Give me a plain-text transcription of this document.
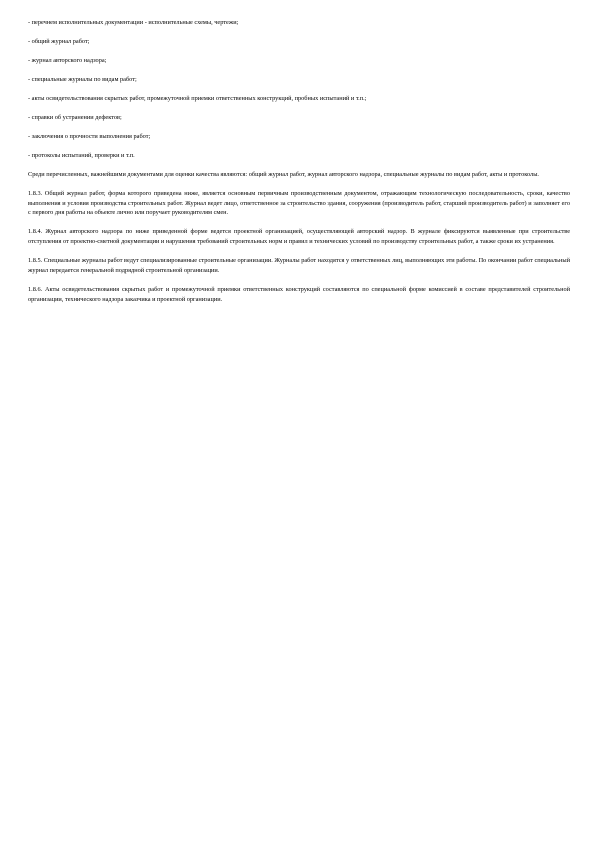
- перечнем исполнительных документации - исполнительные схемы, чертежи;
- общий журнал работ;
- журнал авторского надзора;
- специальные журналы по видам работ;
- акты освидетельствования скрытых работ, промежуточной приемки ответственных конструкций, пробных испытаний и т.п.;
- справки об устранении дефектов;
- заключения о прочности выполнения работ;
- протоколы испытаний, проверки и т.п.

Среди перечисленных, важнейшими документами для оценки качества являются: общий журнал работ, журнал авторского надзора, специальные журналы по видам работ, акты и протоколы.

1.8.3. Общий журнал работ, форма которого приведена ниже, является основным первичным производственным документом, отражающим технологическую последовательность, сроки, качество выполнения и условия производства строительных работ. Журнал ведет лицо, ответственное за строительство здания, сооружения (производитель работ, старший производитель работ) и заполняет его с первого дня работы на объекте лично или поручает руководителям смен.

1.8.4. Журнал авторского надзора по ниже приведенной форме ведется проектной организацией, осуществляющей авторский надзор. В журнале фиксируются выявленные при строительстве отступления от проектно-сметной документации и нарушения требований строительных норм и правил и технических условий по производству строительных работ, а также сроки их устранения.

1.8.5. Специальные журналы работ ведут специализированные строительные организации. Журналы работ находятся у ответственных лиц, выполняющих эти работы. По окончании работ специальный журнал передается генеральной подрядной строительной организации.

1.8.6. Акты освидетельствования скрытых работ и промежуточной приемки ответственных конструкций составляются по специальной форме комиссией в составе представителей строительной организации, технического надзора заказчика и проектной организации.
